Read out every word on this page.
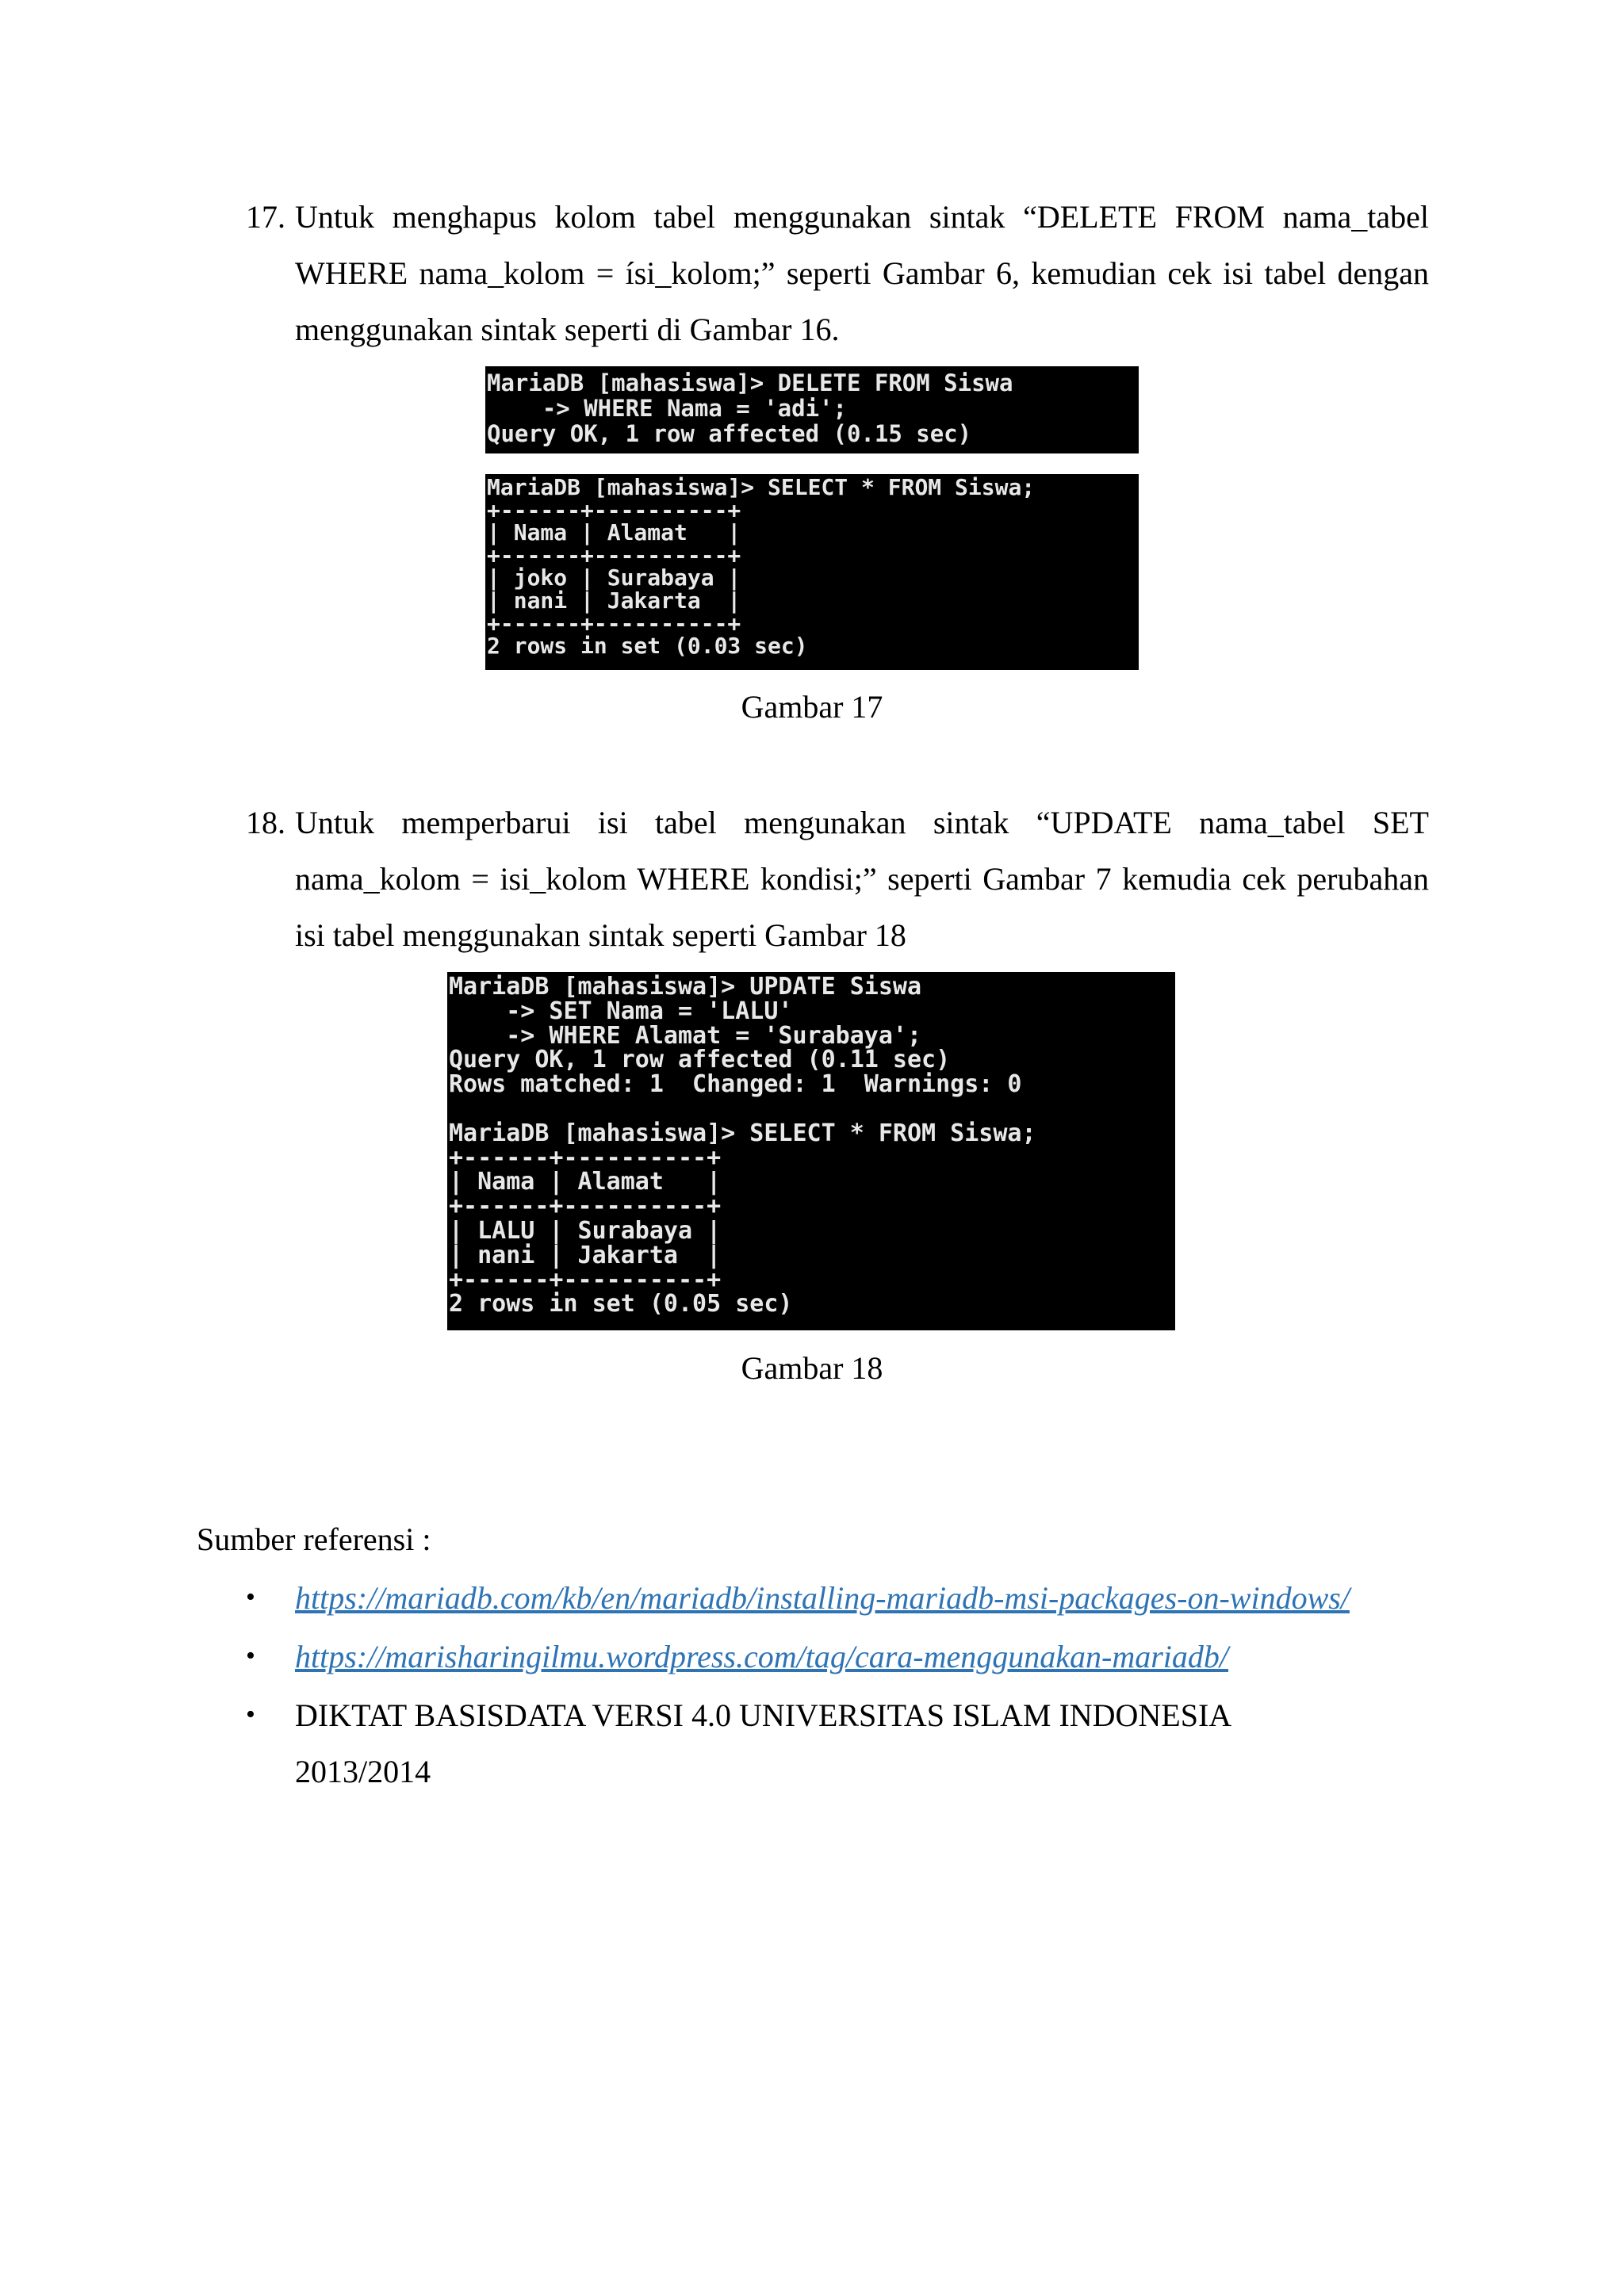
17. Untuk menghapus kolom tabel menggunakan sintak “DELETE FROM nama_tabel
WHERE nama_kolom = ísi_kolom;” seperti Gambar 6, kemudian cek isi tabel dengan
menggunakan sintak seperti di Gambar 16.
MariaDB [mahasiswa]> DELETE FROM Siswa
-> WHERE Nama = 'adi';
Query OK, 1 row affected (0.15 sec)
MariaDB [mahasiswa]> SELECT * FROM Siswa;
+------+----------+
| Nama | Alamat   |
+------+----------+
| joko | Surabaya |
| nani | Jakarta  |
+------+----------+
2 rows in set (0.03 sec)
Gambar 17
18. Untuk memperbarui isi tabel mengunakan sintak “UPDATE nama_tabel SET
nama_kolom = isi_kolom WHERE kondisi;” seperti Gambar 7 kemudia cek perubahan
isi tabel menggunakan sintak seperti Gambar 18
MariaDB [mahasiswa]> UPDATE Siswa
-> SET Nama = 'LALU'
-> WHERE Alamat = 'Surabaya';
Query OK, 1 row affected (0.11 sec)
Rows matched: 1  Changed: 1  Warnings: 0
MariaDB [mahasiswa]> SELECT * FROM Siswa;
+------+----------+
| Nama | Alamat   |
+------+----------+
| LALU | Surabaya |
| nani | Jakarta  |
+------+----------+
2 rows in set (0.05 sec)
Gambar 18
Sumber referensi :
• https://mariadb.com/kb/en/mariadb/installing-mariadb-msi-packages-on-windows/
• https://marisharingilmu.wordpress.com/tag/cara-menggunakan-mariadb/
• DIKTAT BASISDATA VERSI 4.0 UNIVERSITAS ISLAM INDONESIA
2013/2014
